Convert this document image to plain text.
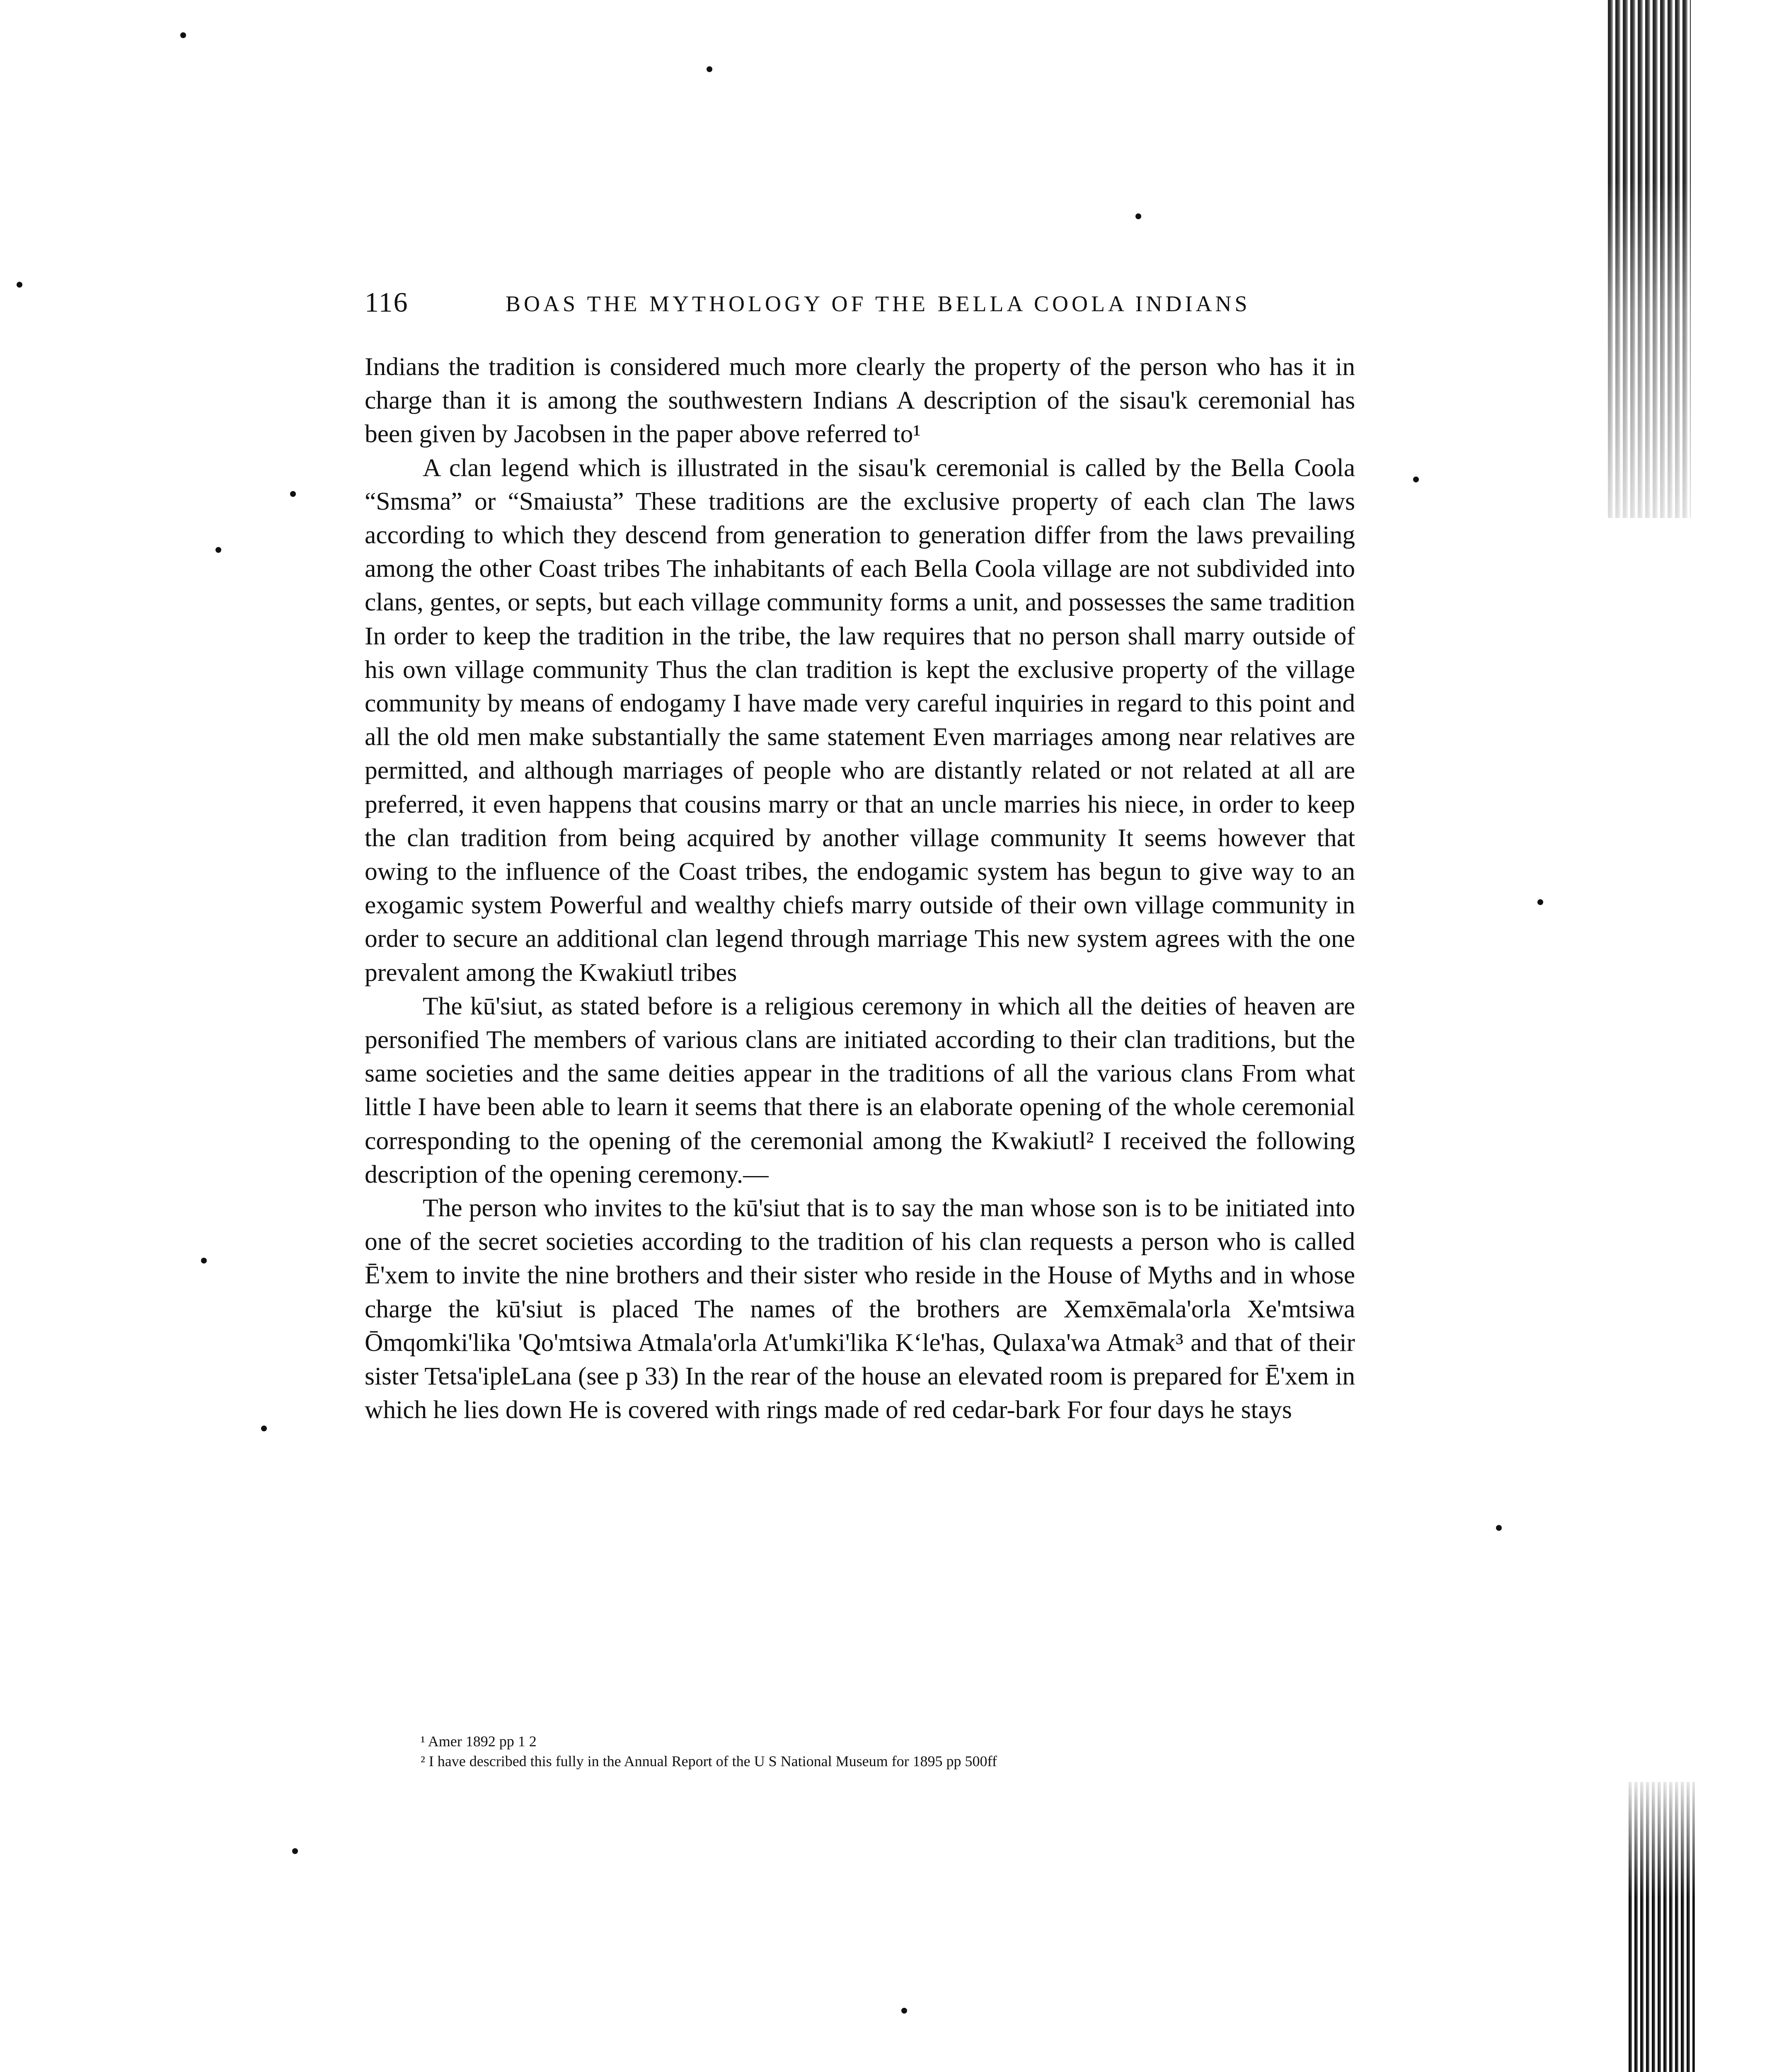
116	BOAS THE MYTHOLOGY OF THE BELLA COOLA INDIANS

Indians the tradition is considered much more clearly the property of the person who has it in charge than it is among the southwestern Indians A description of the sisau'k ceremonial has been given by Jacobsen in the paper above referred to¹

A clan legend which is illustrated in the sisau'k ceremonial is called by the Bella Coola “Smsma” or “Smaiusta” These traditions are the exclusive property of each clan The laws according to which they descend from generation to generation differ from the laws prevailing among the other Coast tribes The inhabitants of each Bella Coola village are not subdivided into clans, gentes, or septs, but each village community forms a unit, and possesses the same tradition In order to keep the tradition in the tribe, the law requires that no person shall marry outside of his own village community Thus the clan tradition is kept the exclusive property of the village community by means of endogamy I have made very careful inquiries in regard to this point and all the old men make substantially the same statement Even marriages among near relatives are permitted, and although marriages of people who are distantly related or not related at all are preferred, it even happens that cousins marry or that an uncle marries his niece, in order to keep the clan tradition from being acquired by another village community It seems however that owing to the influence of the Coast tribes, the endogamic system has begun to give way to an exogamic system Powerful and wealthy chiefs marry outside of their own village community in order to secure an additional clan legend through marriage This new system agrees with the one prevalent among the Kwakiutl tribes

The kū'siut, as stated before is a religious ceremony in which all the deities of heaven are personified The members of various clans are initiated according to their clan traditions, but the same societies and the same deities appear in the traditions of all the various clans From what little I have been able to learn it seems that there is an elaborate opening of the whole ceremonial corresponding to the opening of the ceremonial among the Kwakiutl² I received the following description of the opening ceremony.—

The person who invites to the kū'siut that is to say the man whose son is to be initiated into one of the secret societies according to the tradition of his clan requests a person who is called Ē'xem to invite the nine brothers and their sister who reside in the House of Myths and in whose charge the kū'siut is placed The names of the brothers are Xemxēmala'orla Xe'mtsiwa Ōmqomki'lika 'Qo'mtsiwa Atmala'orla At'umki'lika Kʻle'has, Qulaxa'wa Atmak³ and that of their sister Tetsa'ipleLana (see p 33) In the rear of the house an elevated room is prepared for Ē'xem in which he lies down He is covered with rings made of red cedar-bark For four days he stays

¹ Amer 1892 pp 1 2

² I have described this fully in the Annual Report of the U S National Museum for 1895 pp 500ff
